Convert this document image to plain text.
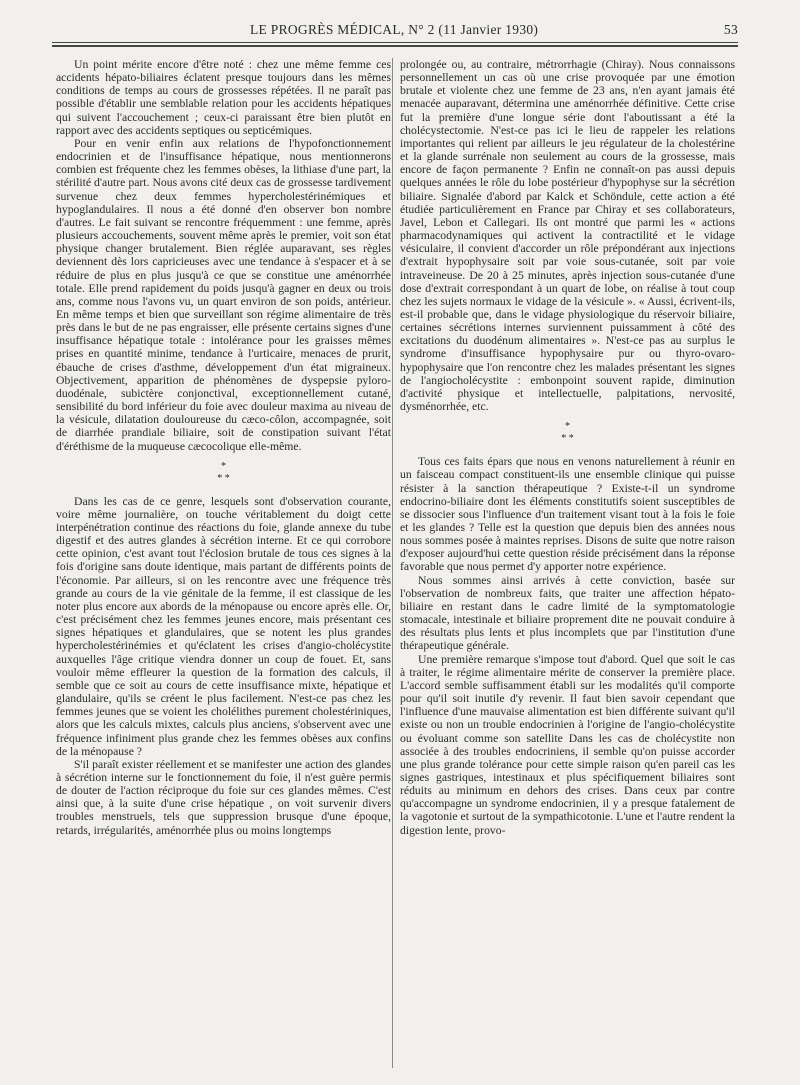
LE PROGRÈS MÉDICAL, N° 2 (11 Janvier 1930)	53

Un point mérite encore d'être noté : chez une même femme ces accidents hépato-biliaires éclatent presque toujours dans les mêmes conditions de temps au cours de grossesses répétées. Il ne paraît pas possible d'établir une semblable relation pour les accidents hépatiques qui suivent l'accouchement ; ceux-ci paraissant être bien plutôt en rapport avec des accidents septiques ou septicémiques.

Pour en venir enfin aux relations de l'hypofonctionnement endocrinien et de l'insuffisance hépatique, nous mentionnerons combien est fréquente chez les femmes obèses, la lithiase d'une part, la stérilité d'autre part. Nous avons cité deux cas de grossesse tardivement survenue chez deux femmes hypercholestérinémiques et hypoglandulaires. Il nous a été donné d'en observer bon nombre d'autres. Le fait suivant se rencontre fréquemment : une femme, après plusieurs accouchements, souvent même après le premier, voit son état physique changer brutalement. Bien réglée auparavant, ses règles deviennent dès lors capricieuses avec une tendance à s'espacer et à se réduire de plus en plus jusqu'à ce que se constitue une aménorrhée totale. Elle prend rapidement du poids jusqu'à gagner en deux ou trois ans, comme nous l'avons vu, un quart environ de son poids, antérieur. En même temps et bien que surveillant son régime alimentaire de très près dans le but de ne pas engraisser, elle présente certains signes d'une insuffisance hépatique totale : intolérance pour les graisses mêmes prises en quantité minime, tendance à l'urticaire, menaces de prurit, ébauche de crises d'asthme, développement d'un état migraineux. Objectivement, apparition de phénomènes de dyspepsie pyloro-duodénale, subictère conjonctival, exceptionnellement cutané, sensibilité du bord inférieur du foie avec douleur maxima au niveau de la vésicule, dilatation douloureuse du cæco-côlon, accompagnée, soit de diarrhée prandiale biliaire, soit de constipation suivant l'état d'éréthisme de la muqueuse cæcocolique elle-même.

*
* *

Dans les cas de ce genre, lesquels sont d'observation courante, voire même journalière, on touche véritablement du doigt cette interpénétration continue des réactions du foie, glande annexe du tube digestif et des autres glandes à sécrétion interne. Et ce qui corrobore cette opinion, c'est avant tout l'éclosion brutale de tous ces signes à la fois d'origine sans doute identique, mais partant de différents points de l'économie. Par ailleurs, si on les rencontre avec une fréquence très grande au cours de la vie génitale de la femme, il est classique de les noter plus encore aux abords de la ménopause ou encore après elle. Or, c'est précisément chez les femmes jeunes encore, mais présentant ces signes hépatiques et glandulaires, que se notent les plus grandes hypercholestérinémies et qu'éclatent les crises d'angio-cholécystite auxquelles l'âge critique viendra donner un coup de fouet. Et, sans vouloir même effleurer la question de la formation des calculs, il semble que ce soit au cours de cette insuffisance mixte, hépatique et glandulaire, qu'ils se créent le plus facilement. N'est-ce pas chez les femmes jeunes que se voient les cholélithes purement cholestériniques, alors que les calculs mixtes, calculs plus anciens, s'observent avec une fréquence infiniment plus grande chez les femmes obèses aux confins de la ménopause ?

S'il paraît exister réellement et se manifester une action des glandes à sécrétion interne sur le fonctionnement du foie, il n'est guère permis de douter de l'action réciproque du foie sur ces glandes mêmes. C'est ainsi que, à la suite d'une crise hépatique , on voit survenir divers troubles menstruels, tels que suppression brusque d'une époque, retards, irrégularités, aménorrhée plus ou moins longtemps

prolongée ou, au contraire, métrorrhagie (Chiray). Nous connaissons personnellement un cas où une crise provoquée par une émotion brutale et violente chez une femme de 23 ans, n'en ayant jamais été menacée auparavant, détermina une aménorrhée définitive. Cette crise fut la première d'une longue série dont l'aboutissant a été la cholécystectomie. N'est-ce pas ici le lieu de rappeler les relations importantes qui relient par ailleurs le jeu régulateur de la cholestérine et la glande surrénale non seulement au cours de la grossesse, mais encore de façon permanente ? Enfin ne connaît-on pas aussi depuis quelques années le rôle du lobe postérieur d'hypophyse sur la sécrétion biliaire. Signalée d'abord par Kalck et Schöndule, cette action a été étudiée particulièrement en France par Chiray et ses collaborateurs, Javel, Lebon et Callegari. Ils ont montré que parmi les « actions pharmacodynamiques qui activent la contractilité et le vidage vésiculaire, il convient d'accorder un rôle prépondérant aux injections d'extrait hypophysaire soit par voie sous-cutanée, soit par voie intraveineuse. De 20 à 25 minutes, après injection sous-cutanée d'une dose d'extrait correspondant à un quart de lobe, on réalise à tout coup chez les sujets normaux le vidage de la vésicule ». « Aussi, écrivent-ils, est-il probable que, dans le vidage physiologique du réservoir biliaire, certaines sécrétions internes surviennent puissamment à côté des excitations du duodénum alimentaires ». N'est-ce pas au surplus le syndrome d'insuffisance hypophysaire pur ou thyro-ovaro-hypophysaire que l'on rencontre chez les malades présentant les signes de l'angiocholécystite : embonpoint souvent rapide, diminution d'activité physique et intellectuelle, palpitations, nervosité, dysménorrhée, etc.

*
* *

Tous ces faits épars que nous en venons naturellement à réunir en un faisceau compact constituent-ils une ensemble clinique qui puisse résister à la sanction thérapeutique ? Existe-t-il un syndrome endocrino-biliaire dont les éléments constitutifs soient susceptibles de se dissocier sous l'influence d'un traitement visant tout à la fois le foie et les glandes ? Telle est la question que depuis bien des années nous nous sommes posée à maintes reprises. Disons de suite que notre raison d'exposer aujourd'hui cette question réside précisément dans la réponse favorable que nous permet d'y apporter notre expérience.

Nous sommes ainsi arrivés à cette conviction, basée sur l'observation de nombreux faits, que traiter une affection hépato-biliaire en restant dans le cadre limité de la symptomatologie stomacale, intestinale et biliaire proprement dite ne pouvait conduire à des résultats plus lents et plus incomplets que par l'institution d'une thérapeutique générale.

Une première remarque s'impose tout d'abord. Quel que soit le cas à traiter, le régime alimentaire mérite de conserver la première place. L'accord semble suffisamment établi sur les modalités qu'il comporte pour qu'il soit inutile d'y revenir. Il faut bien savoir cependant que l'influence d'une mauvaise alimentation est bien différente suivant qu'il existe ou non un trouble endocrinien à l'origine de l'angio-cholécystite ou évoluant comme son satellite Dans les cas de cholécystite non associée à des troubles endocriniens, il semble qu'on puisse accorder une plus grande tolérance pour cette simple raison qu'en pareil cas les signes gastriques, intestinaux et plus spécifiquement biliaires sont réduits au minimum en dehors des crises. Dans ceux par contre qu'accompagne un syndrome endocrinien, il y a presque fatalement de la vagotonie et surtout de la sympathicotonie. L'une et l'autre rendent la digestion lente, provo-
